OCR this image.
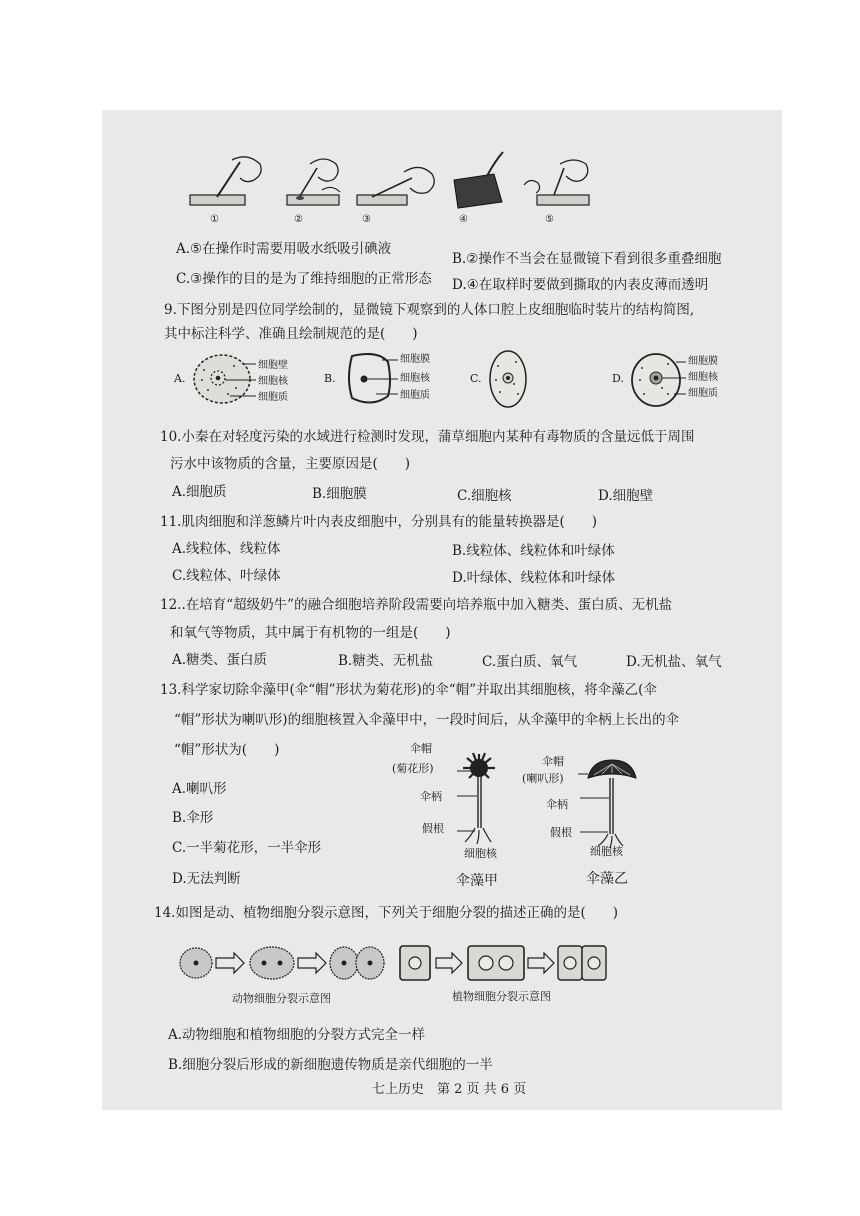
①	②	③	④	⑤
A.⑤在操作时需要用吸水纸吸引碘液
B.②操作不当会在显微镜下看到很多重叠细胞
C.③操作的目的是为了维持细胞的正常形态 D.④在取样时要做到撕取的内表皮薄而透明
9.下图分别是四位同学绘制的，显微镜下观察到的人体口腔上皮细胞临时装片的结构简图,
其中标注科学、准确且绘制规范的是(　　)
A.
细胞壁
细胞核
细胞质
B.
细胞膜
细胞核
细胞质
C.	D.
细胞膜
细胞核
细胞质
10.小秦在对轻度污染的水域进行检测时发现，蒲草细胞内某种有毒物质的含量远低于周围
污水中该物质的含量，主要原因是(　　)
A.细胞质	B.细胞膜	C.细胞核	D.细胞壁
11.肌肉细胞和洋葱鳞片叶内表皮细胞中，分别具有的能量转换器是(　　)
A.线粒体、线粒体	B.线粒体、线粒体和叶绿体
C.线粒体、叶绿体	D.叶绿体、线粒体和叶绿体
12..在培育“超级奶牛”的融合细胞培养阶段需要向培养瓶中加入糖类、蛋白质、无机盐
和氧气等物质，其中属于有机物的一组是(　　)
A.糖类、蛋白质	B.糖类、无机盐	C.蛋白质、氧气	D.无机盐、氧气
13.科学家切除伞藻甲(伞“帽”形状为菊花形)的伞“帽”并取出其细胞核，将伞藻乙(伞
“帽”形状为喇叭形)的细胞核置入伞藻甲中，一段时间后，从伞藻甲的伞柄上长出的伞
“帽”形状为(　　)
A.喇叭形
B.伞形
C.一半菊花形，一半伞形
D.无法判断
伞帽
(菊花形)
伞柄
假根
细胞核
伞藻甲
伞帽
(喇叭形)
伞柄
假根
细胞核
伞藻乙
14.如图是动、植物细胞分裂示意图，下列关于细胞分裂的描述正确的是(　　)
动物细胞分裂示意图	植物细胞分裂示意图
A.动物细胞和植物细胞的分裂方式完全一样
B.细胞分裂后形成的新细胞遗传物质是亲代细胞的一半
七上历史　第 2 页 共 6 页
